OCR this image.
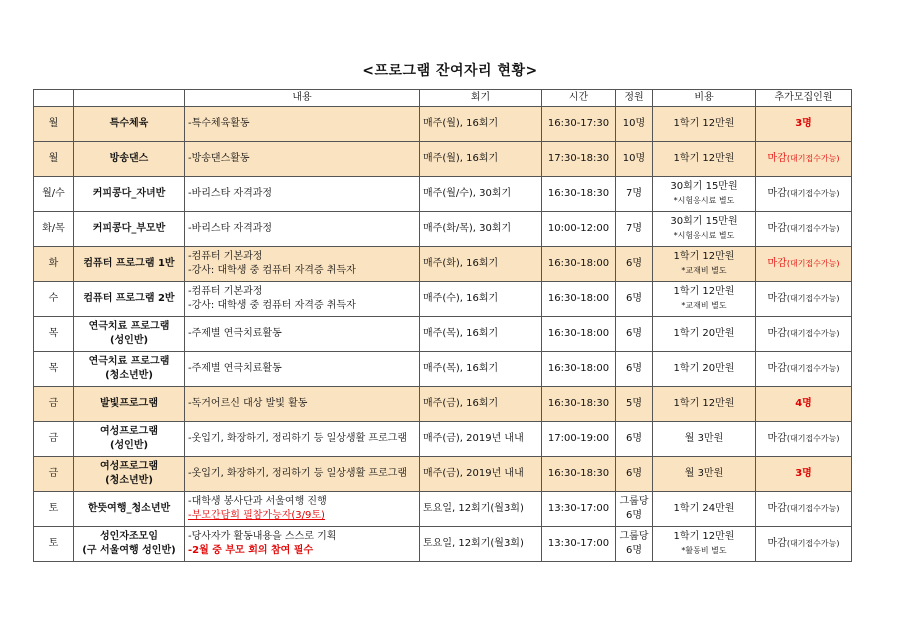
<프로그램 잔여자리 현황>
		내용	회기	시간	정원	비용	추가모집인원
월	특수체육	-특수체육활동	매주(월), 16회기	16:30-17:30	10명	1학기 12만원	3명
월	방송댄스	-방송댄스활동	매주(월), 16회기	17:30-18:30	10명	1학기 12만원	마감(대기접수가능)
월/수	커피콩다_자녀반	-바리스타 자격과정	매주(월/수), 30회기	16:30-18:30	7명	30회기 15만원
*시험응시료 별도	마감(대기접수가능)
화/목	커피콩다_부모반	-바리스타 자격과정	매주(화/목), 30회기	10:00-12:00	7명	30회기 15만원
*시험응시료 별도	마감(대기접수가능)
화	컴퓨터 프로그램 1반	-컴퓨터 기본과정
-강사: 대학생 중 컴퓨터 자격증 취득자	매주(화), 16회기	16:30-18:00	6명	1학기 12만원
*교재비 별도	마감(대기접수가능)
수	컴퓨터 프로그램 2반	-컴퓨터 기본과정
-강사: 대학생 중 컴퓨터 자격증 취득자	매주(수), 16회기	16:30-18:00	6명	1학기 12만원
*교재비 별도	마감(대기접수가능)
목	연극치료 프로그램
(성인반)	-주제별 연극치료활동	매주(목), 16회기	16:30-18:00	6명	1학기 20만원	마감(대기접수가능)
목	연극치료 프로그램
(청소년반)	-주제별 연극치료활동	매주(목), 16회기	16:30-18:00	6명	1학기 20만원	마감(대기접수가능)
금	발빛프로그램	-독거어르신 대상 발빛 활동	매주(금), 16회기	16:30-18:30	5명	1학기 12만원	4명
금	여성프로그램
(성인반)	-옷입기, 화장하기, 정리하기 등 일상생활 프로그램	매주(금), 2019년 내내	17:00-19:00	6명	월 3만원	마감(대기접수가능)
금	여성프로그램
(청소년반)	-옷입기, 화장하기, 정리하기 등 일상생활 프로그램	매주(금), 2019년 내내	16:30-18:30	6명	월 3만원	3명
토	한뜻여행_청소년반	-대학생 봉사단과 서울여행 진행
-부모간담회 필참가능자(3/9토)	토요일, 12회기(월3회)	13:30-17:00	그룹당
6명	1학기 24만원	마감(대기접수가능)
토	성인자조모임
(구 서울여행 성인반)	-당사자가 활동내용을 스스로 기획
-2월 중 부모 회의 참여 필수	토요일, 12회기(월3회)	13:30-17:00	그룹당
6명	1학기 12만원
*활동비 별도	마감(대기접수가능)
